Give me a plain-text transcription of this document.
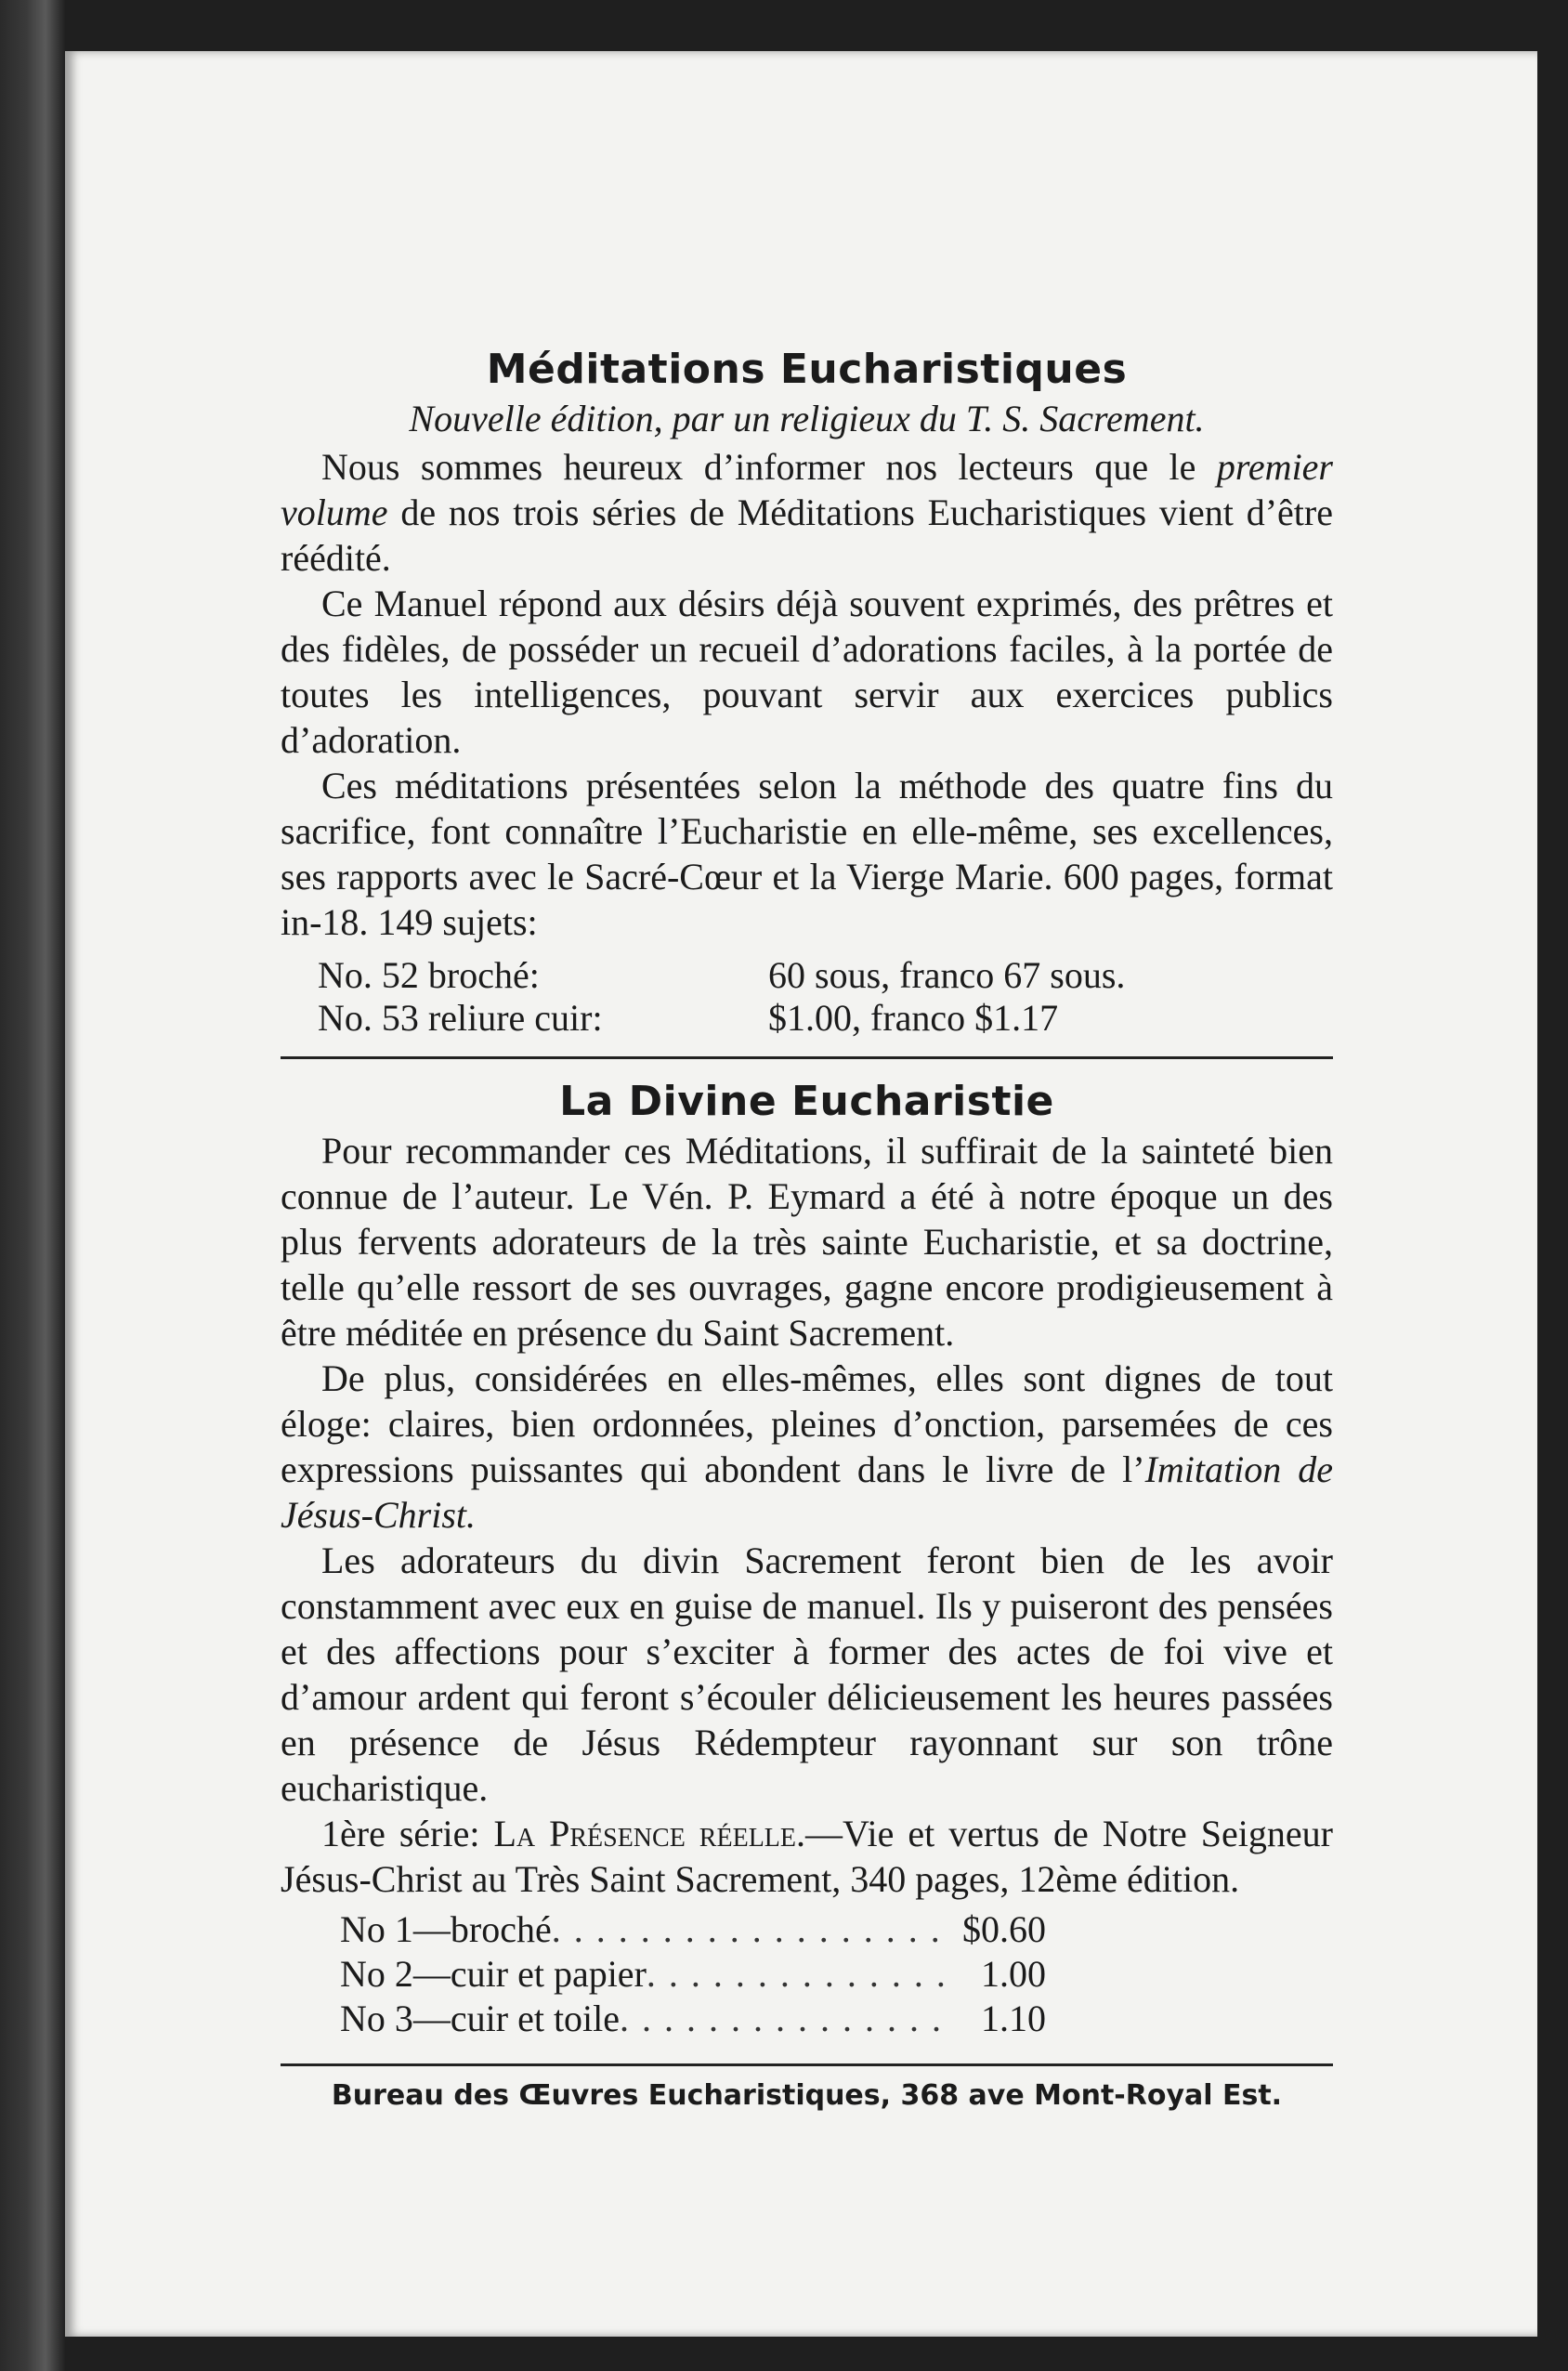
Méditations Eucharistiques
Nouvelle édition, par un religieux du T. S. Sacrement.

Nous sommes heureux d’informer nos lecteurs que le premier volume de nos trois séries de Méditations Eucharistiques vient d’être réédité.

Ce Manuel répond aux désirs déjà souvent exprimés, des prêtres et des fidèles, de posséder un recueil d’adorations faciles, à la portée de toutes les intelligences, pouvant servir aux exercices publics d’adoration.

Ces méditations présentées selon la méthode des quatre fins du sacrifice, font connaître l’Eucharistie en elle-même, ses excellences, ses rapports avec le Sacré-Cœur et la Vierge Marie. 600 pages, format in-18. 149 sujets:

No. 52 broché:	60 sous, franco 67 sous.
No. 53 reliure cuir:	$1.00, franco $1.17
La Divine Eucharistie

Pour recommander ces Méditations, il suffirait de la sainteté bien connue de l’auteur. Le Vén. P. Eymard a été à notre époque un des plus fervents adorateurs de la très sainte Eucharistie, et sa doctrine, telle qu’elle ressort de ses ouvrages, gagne encore prodigieusement à être méditée en présence du Saint Sacrement.

De plus, considérées en elles-mêmes, elles sont dignes de tout éloge: claires, bien ordonnées, pleines d’onction, parsemées de ces expressions puissantes qui abondent dans le livre de l’Imitation de Jésus-Christ.

Les adorateurs du divin Sacrement feront bien de les avoir constamment avec eux en guise de manuel. Ils y puiseront des pensées et des affections pour s’exciter à former des actes de foi vive et d’amour ardent qui feront s’écouler délicieusement les heures passées en présence de Jésus Rédempteur rayonnant sur son trône eucharistique.

1ère série: La Présence réelle.—Vie et vertus de Notre Seigneur Jésus-Christ au Très Saint Sacrement, 340 pages, 12ème édition.

No 1—broché . . .	$0.60
No 2—cuir et papier . . .	1.00
No 3—cuir et toile . . .	1.10
Bureau des Œuvres Eucharistiques, 368 ave Mont-Royal Est.
